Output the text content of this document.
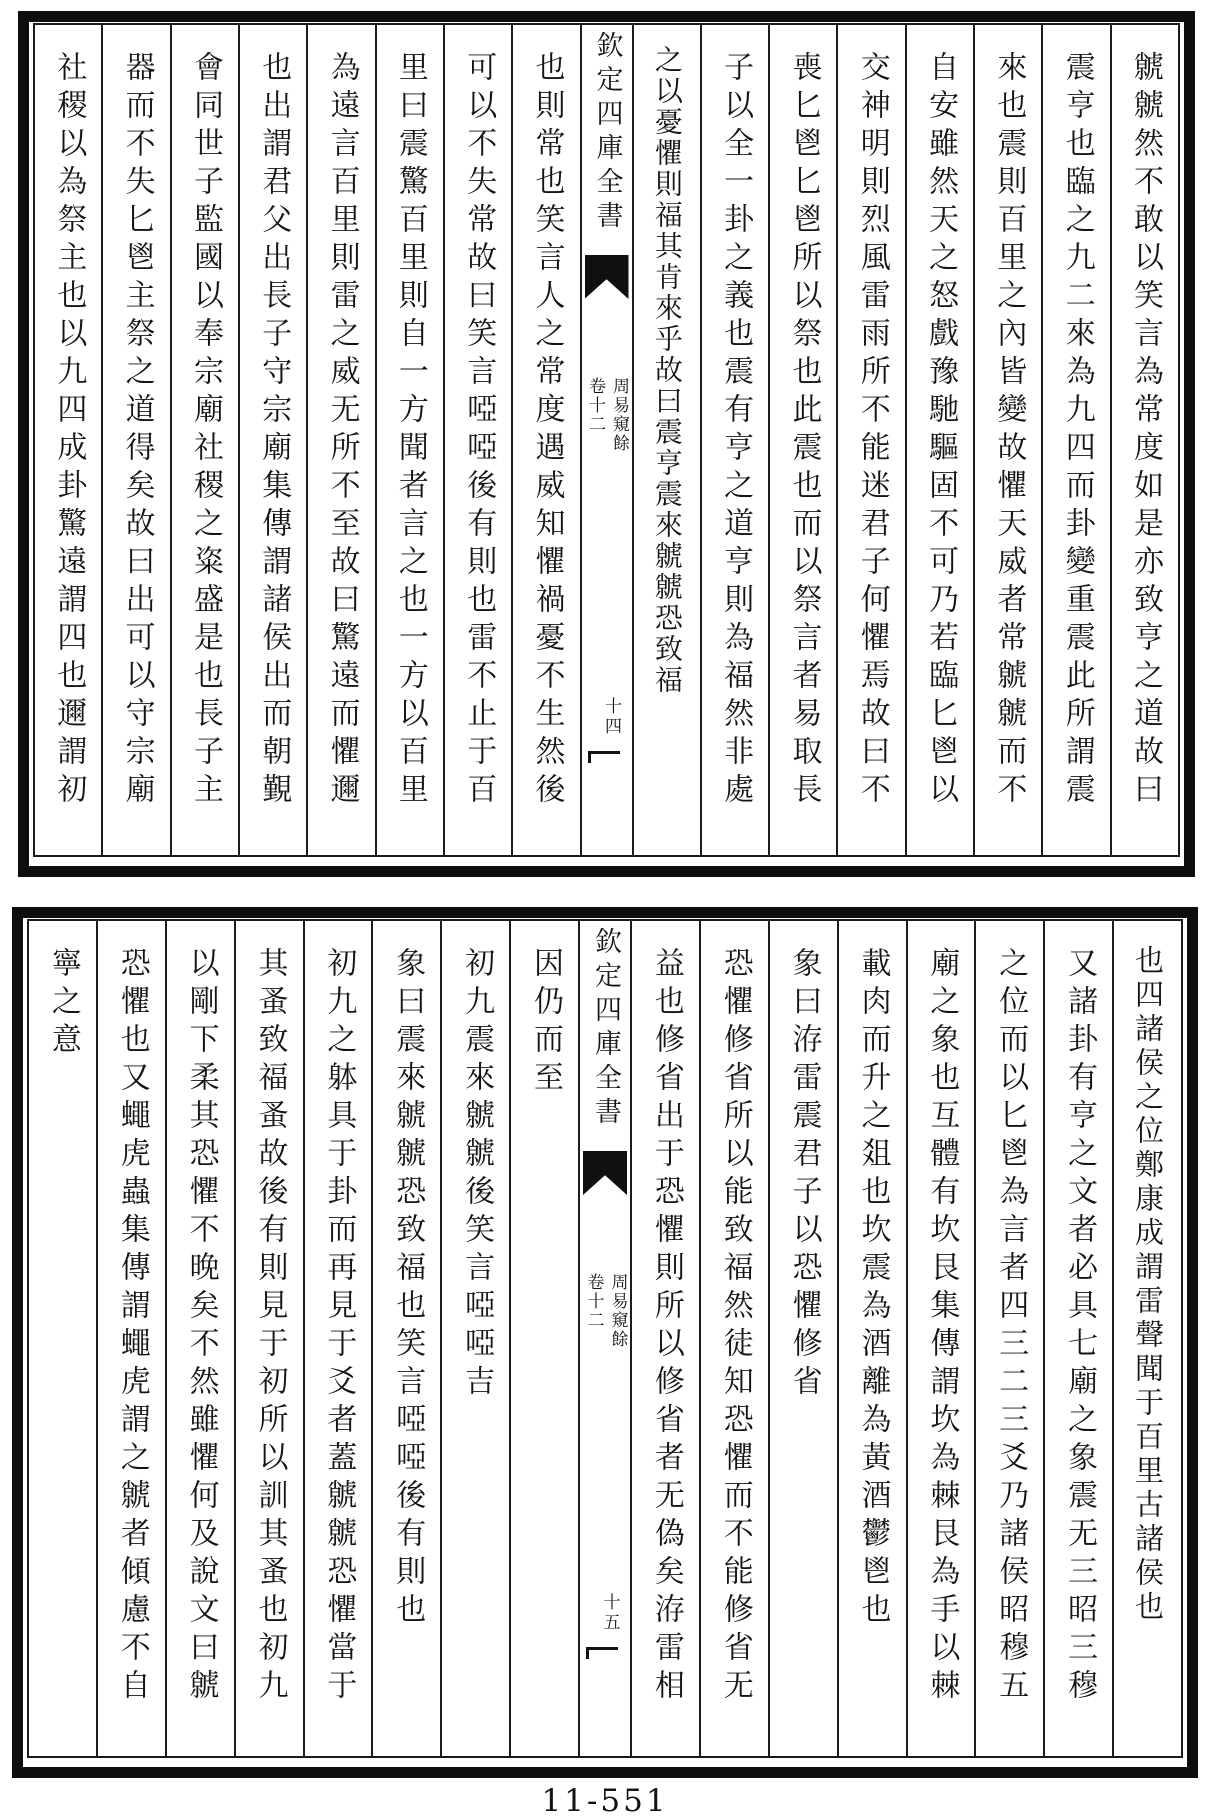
虩虩然不敢以笑言為常度如是亦致亨之道故曰
震亨也臨之九二來為九四而卦變重震此所謂震
來也震則百里之內皆變故懼天威者常虩虩而不
自安雖然天之怒戲豫馳驅固不可乃若臨匕鬯以
交神明則烈風雷雨所不能迷君子何懼焉故曰不
喪匕鬯匕鬯所以祭也此震也而以祭言者易取長
子以全一卦之義也震有亨之道亨則為福然非處
之以憂懼則福其肯來乎故曰震亨震來虩虩恐致福
欽定四庫全書
周易窺餘
卷十二
十四
也則常也笑言人之常度遇威知懼禍憂不生然後
可以不失常故曰笑言啞啞後有則也雷不止于百
里曰震驚百里則自一方聞者言之也一方以百里
為遠言百里則雷之威无所不至故曰驚遠而懼邇
也出謂君父出長子守宗廟集傳謂諸侯出而朝覲
會同世子監國以奉宗廟社稷之粢盛是也長子主
器而不失匕鬯主祭之道得矣故曰出可以守宗廟
社稷以為祭主也以九四成卦驚遠謂四也邇謂初
也四諸侯之位鄭康成謂雷聲聞于百里古諸侯也
又諸卦有亨之文者必具七廟之象震无三昭三穆
之位而以匕鬯為言者四三二三爻乃諸侯昭穆五
廟之象也互體有坎艮集傳謂坎為棘艮為手以棘
載肉而升之爼也坎震為酒離為黃酒鬱鬯也
象曰洊雷震君子以恐懼修省
恐懼修省所以能致福然徒知恐懼而不能修省无
益也修省出于恐懼則所以修省者无偽矣洊雷相
欽定四庫全書
周易窺餘
卷十二
十五
因仍而至
初九震來虩虩後笑言啞啞吉
象曰震來虩虩恐致福也笑言啞啞後有則也
初九之躰具于卦而再見于爻者蓋虩虩恐懼當于
其蚤致福蚤故後有則見于初所以訓其蚤也初九
以剛下柔其恐懼不晚矣不然雖懼何及說文曰虩
恐懼也又蠅虎蟲集傳謂蠅虎謂之虩者傾慮不自
寧之意
11-551
